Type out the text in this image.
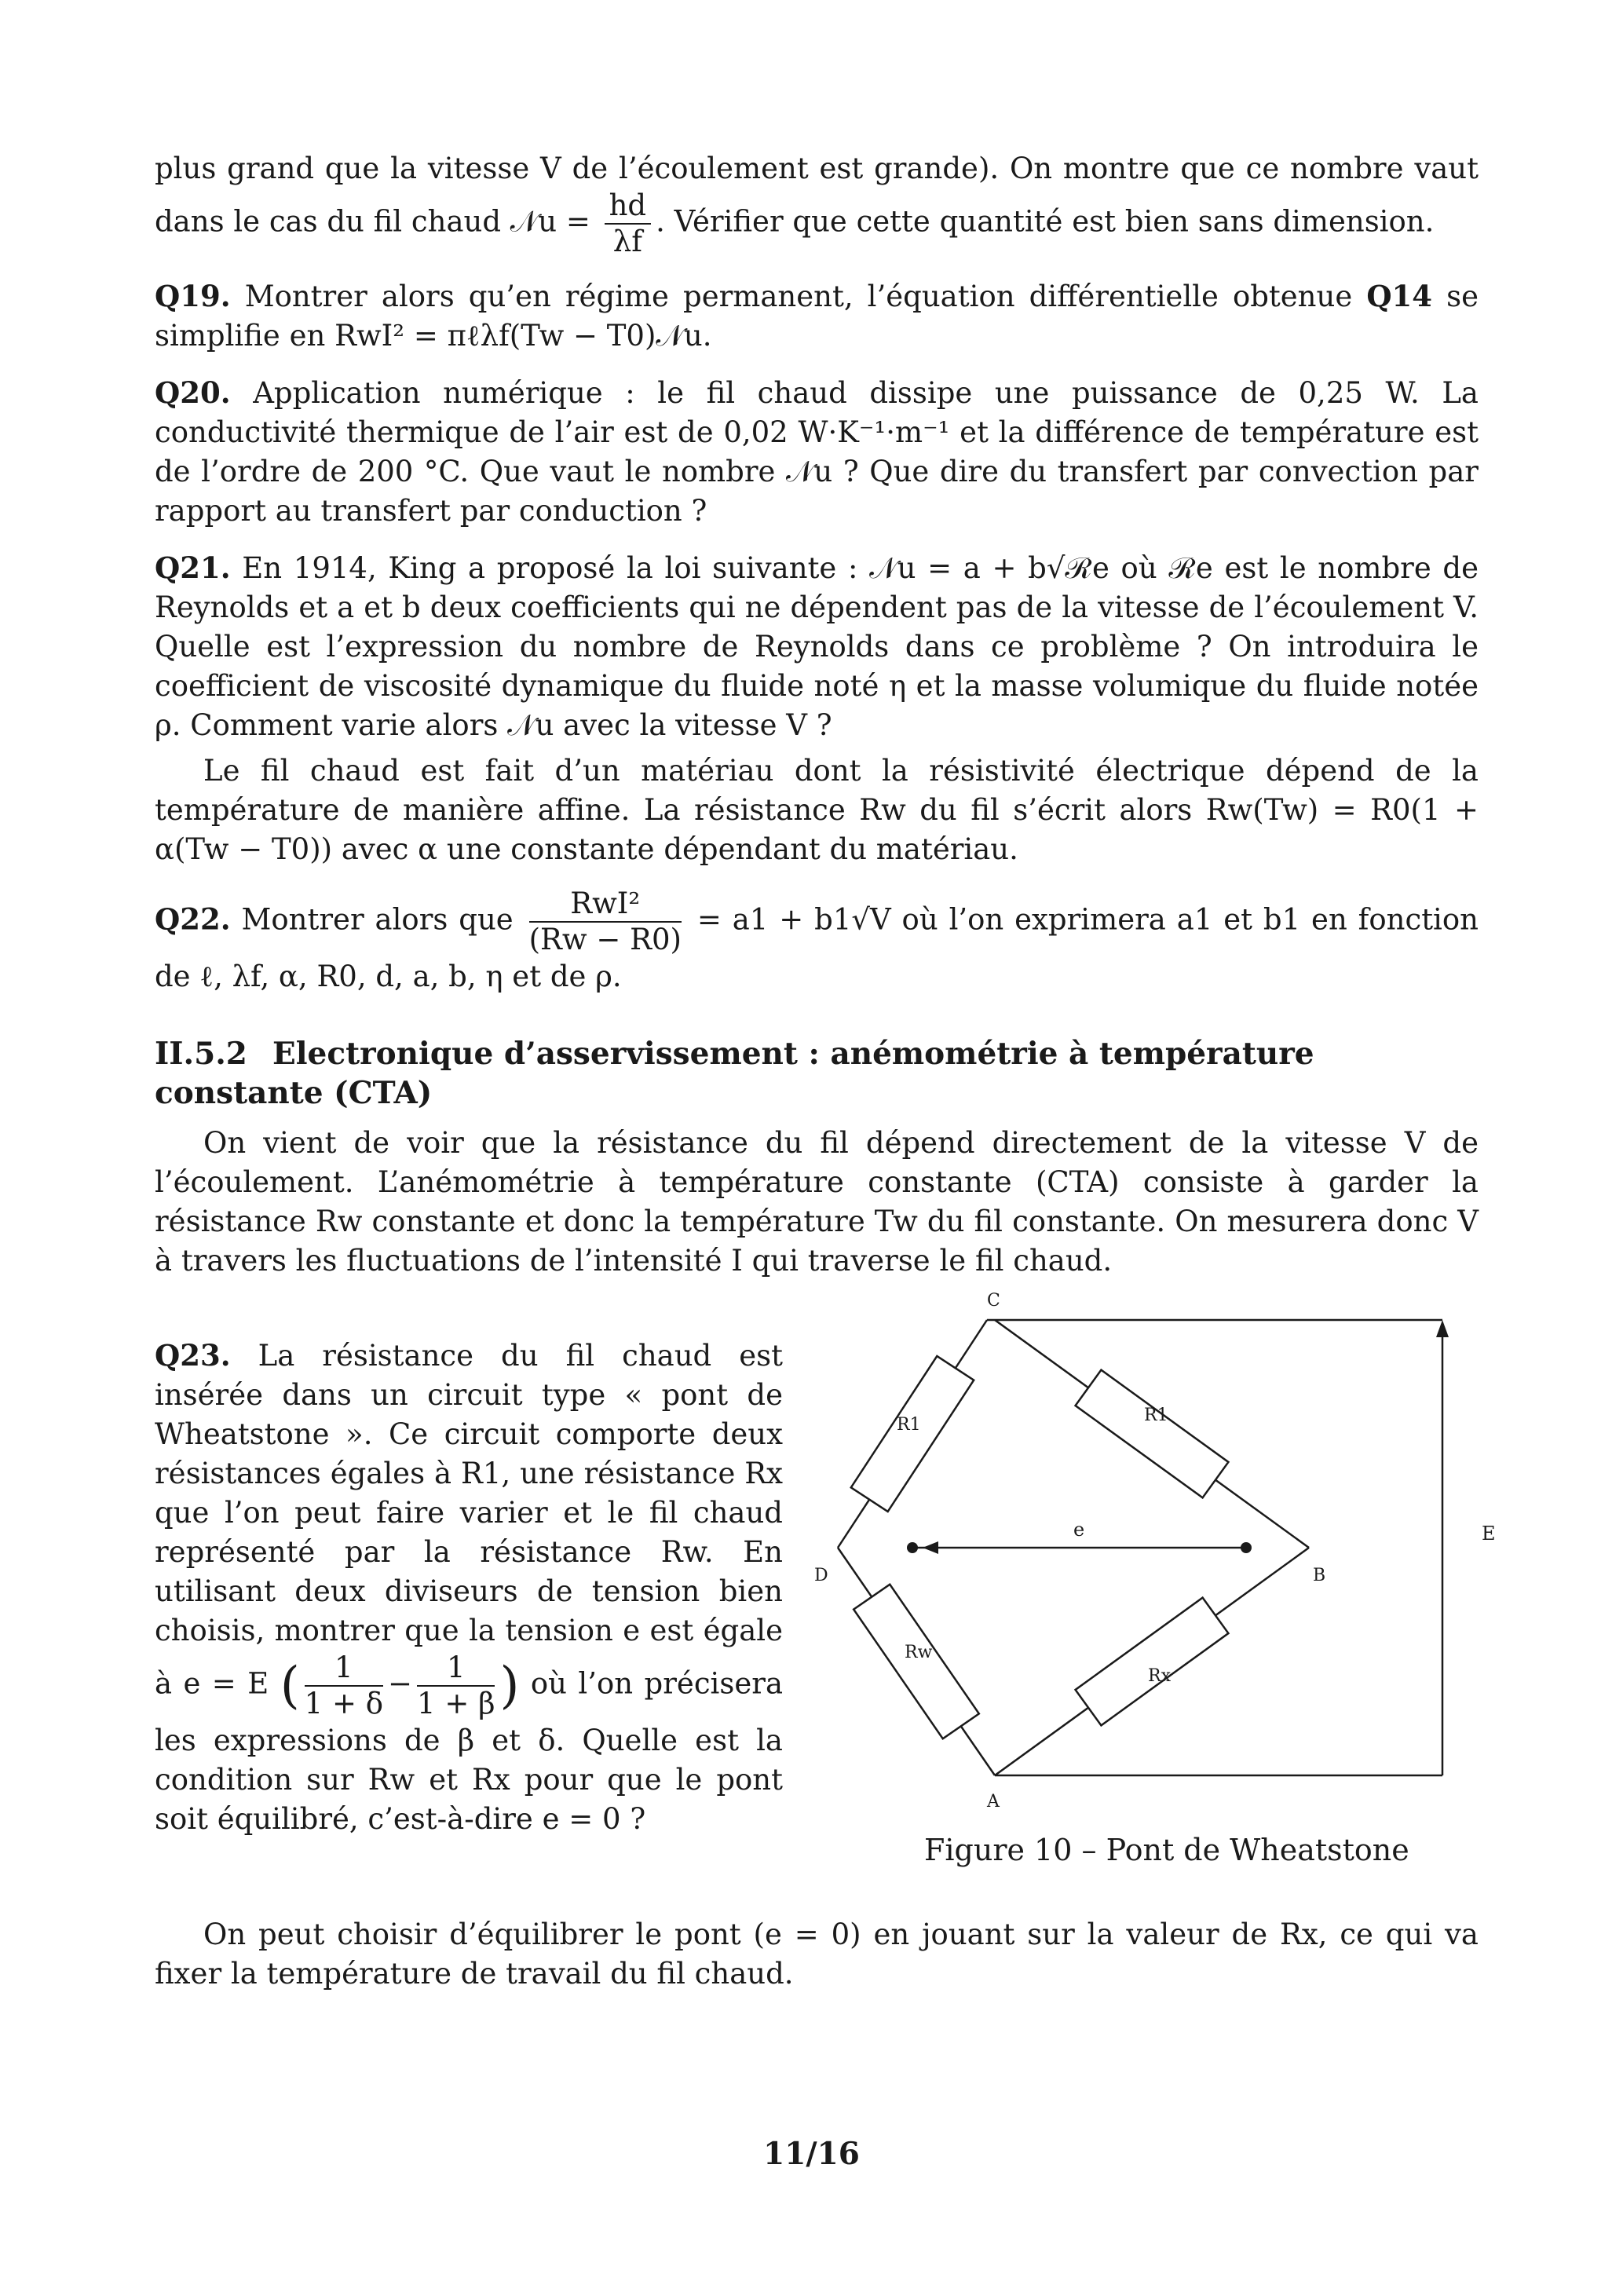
plus grand que la vitesse V de l’écoulement est grande). On montre que ce nombre vaut dans le cas du fil chaud 𝒩u = $\frac{hd}{\lambda f}$ . Vérifier que cette quantité est bien sans dimension.

Q19. Montrer alors qu’en régime permanent, l’équation différentielle obtenue Q14 se simplifie en RwI² = πℓλf(Tw − T0)𝒩u.

Q20. Application numérique : le fil chaud dissipe une puissance de 0,25 W. La conductivité thermique de l’air est de 0,02 W·K⁻¹·m⁻¹ et la différence de température est de l’ordre de 200 °C. Que vaut le nombre 𝒩u ? Que dire du transfert par convection par rapport au transfert par conduction ?

Q21. En 1914, King a proposé la loi suivante : 𝒩u = a + b√ℛe où ℛe est le nombre de Reynolds et a et b deux coefficients qui ne dépendent pas de la vitesse de l’écoulement V. Quelle est l’expression du nombre de Reynolds dans ce problème ? On introduira le coefficient de viscosité dynamique du fluide noté η et la masse volumique du fluide notée ρ. Comment varie alors 𝒩u avec la vitesse V ?

Le fil chaud est fait d’un matériau dont la résistivité électrique dépend de la température de manière affine. La résistance Rw du fil s’écrit alors Rw(Tw) = R0(1 + α(Tw − T0)) avec α une constante dépendant du matériau.

Q22. Montrer alors que $\frac{\text{RwI²}}{(Rw - R0)} = a1 + b1√V$ où l’on exprimera a1 et b1 en fonction de ℓ, λf, α, R0, d, a, b, η et de ρ.

II.5.2 Electronique d’asservissement : anémométrie à température constante (CTA)

On vient de voir que la résistance du fil dépend directement de la vitesse V de l’écoulement. L’anémométrie à température constante (CTA) consiste à garder la résistance Rw constante et donc la température Tw du fil constante. On mesurera donc V à travers les fluctuations de l’intensité I qui traverse le fil chaud.

Q23. La résistance du fil chaud est insérée dans un circuit type « pont de Wheatstone ». Ce circuit comporte deux résistances égales à R1, une résistance Rx que l’on peut faire varier et le fil chaud représenté par la résistance Rw. En utilisant deux diviseurs de tension bien choisis, montrer que la tension e est égale à e = E ( $\frac{1}{1 + \delta} - \frac{1}{1 + \beta}$ ) où l’on précisera les expressions de β et δ. Quelle est la condition sur Rw et Rx pour que le pont soit équilibré, c’est-à-dire e = 0 ?

C
D	B
A
R1	R1
Rw
Rx
e	E
Figure 10 – Pont de Wheatstone

On peut choisir d’équilibrer le pont (e = 0) en jouant sur la valeur de Rx, ce qui va fixer la température de travail du fil chaud.

11/16
